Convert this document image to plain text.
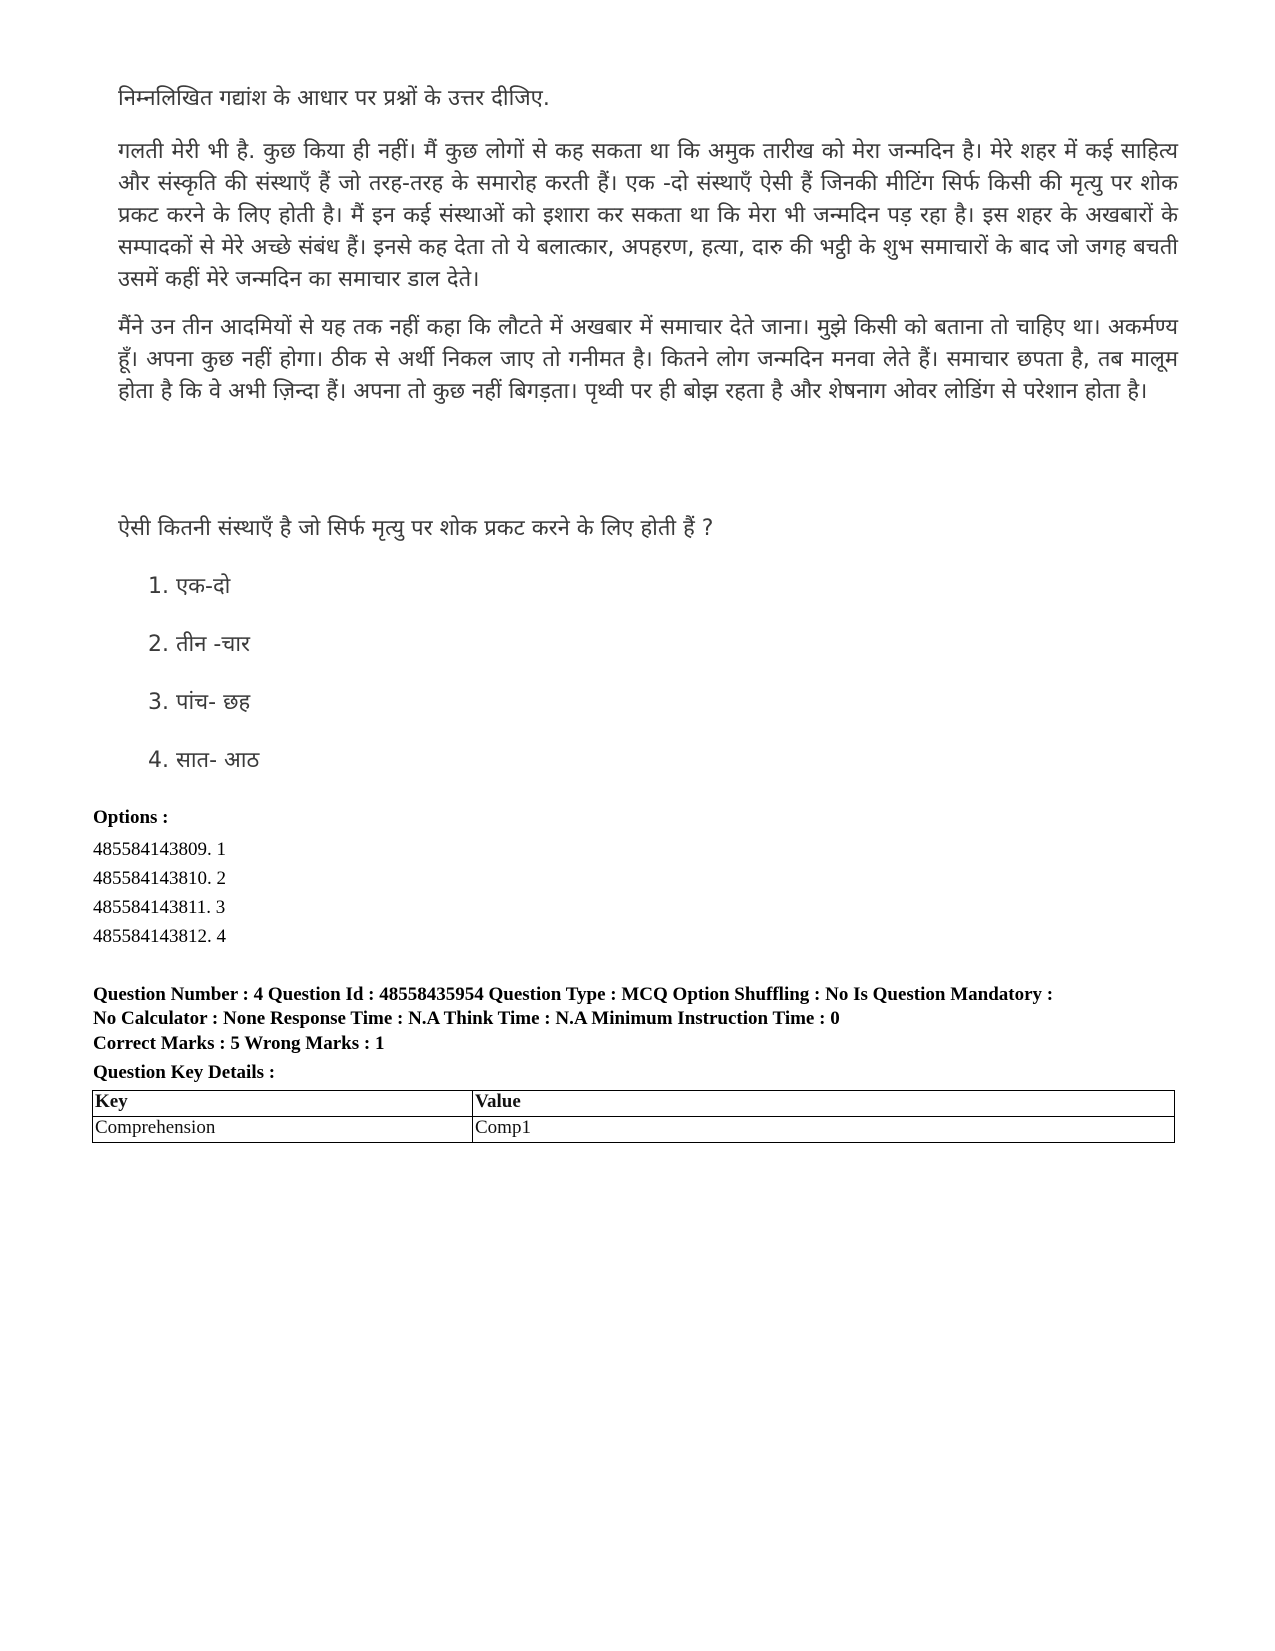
निम्नलिखित गद्यांश के आधार पर प्रश्नों के उत्तर दीजिए.

गलती मेरी भी है. कुछ किया ही नहीं। मैं कुछ लोगों से कह सकता था कि अमुक तारीख को मेरा जन्मदिन है। मेरे शहर में कई साहित्य और संस्कृति की संस्थाएँ हैं जो तरह-तरह के समारोह करती हैं। एक -दो संस्थाएँ ऐसी हैं जिनकी मीटिंग सिर्फ किसी की मृत्यु पर शोक प्रकट करने के लिए होती है। मैं इन कई संस्थाओं को इशारा कर सकता था कि मेरा भी जन्मदिन पड़ रहा है। इस शहर के अखबारों के सम्पादकों से मेरे अच्छे संबंध हैं। इनसे कह देता तो ये बलात्कार, अपहरण, हत्या, दारु की भट्ठी के शुभ समाचारों के बाद जो जगह बचती उसमें कहीं मेरे जन्मदिन का समाचार डाल देते।

मैंने उन तीन आदमियों से यह तक नहीं कहा कि लौटते में अखबार में समाचार देते जाना। मुझे किसी को बताना तो चाहिए था। अकर्मण्य हूँ। अपना कुछ नहीं होगा। ठीक से अर्थी निकल जाए तो गनीमत है। कितने लोग जन्मदिन मनवा लेते हैं। समाचार छपता है, तब मालूम होता है कि वे अभी ज़िन्दा हैं। अपना तो कुछ नहीं बिगड़ता। पृथ्वी पर ही बोझ रहता है और शेषनाग ओवर लोडिंग से परेशान होता है।

ऐसी कितनी संस्थाएँ है जो सिर्फ मृत्यु पर शोक प्रकट करने के लिए होती हैं ?

1. एक-दो
2. तीन -चार
3. पांच- छह
4. सात- आठ
Options :
485584143809. 1
485584143810. 2
485584143811. 3
485584143812. 4
Question Number : 4 Question Id : 48558435954 Question Type : MCQ Option Shuffling : No Is Question Mandatory :
No Calculator : None Response Time : N.A Think Time : N.A Minimum Instruction Time : 0
Correct Marks : 5 Wrong Marks : 1
Question Key Details :
Key	Value
Comprehension	Comp1
